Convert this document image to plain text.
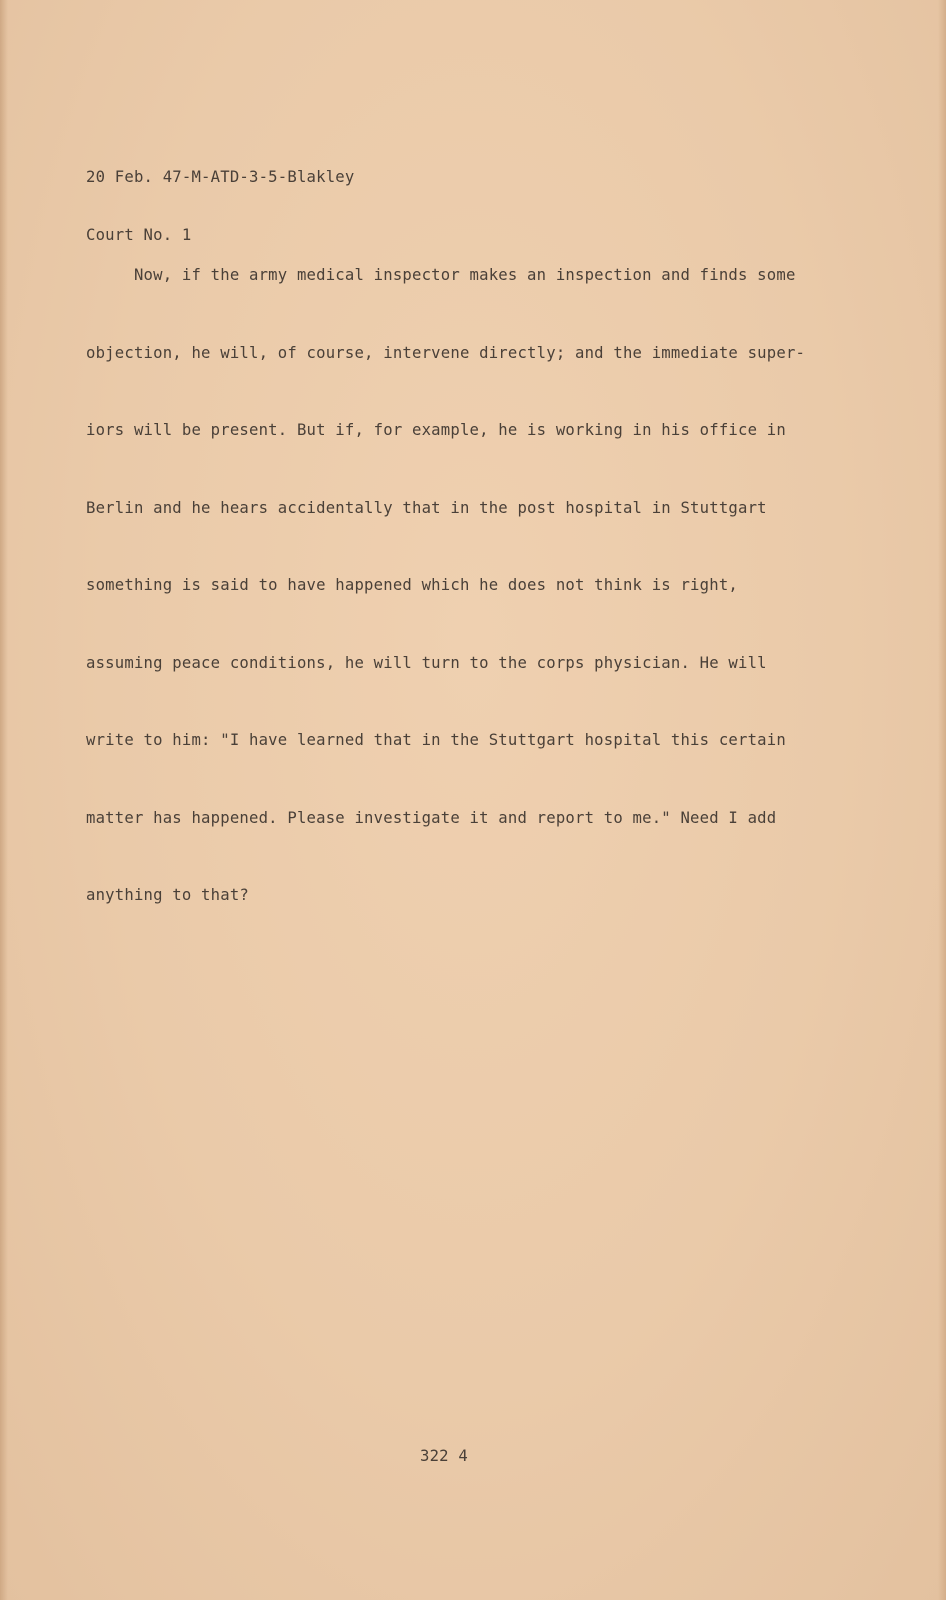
20 Feb. 47-M-ATD-3-5-Blakley

Court No. 1

Now, if the army medical inspector makes an inspection and finds some

objection, he will, of course, intervene directly; and the immediate super-

iors will be present. But if, for example, he is working in his office in

Berlin and he hears accidentally that in the post hospital in Stuttgart

something is said to have happened which he does not think is right,

assuming peace conditions, he will turn to the corps physician. He will

write to him: "I have learned that in the Stuttgart hospital this certain

matter has happened. Please investigate it and report to me." Need I add

anything to that?

322 4
